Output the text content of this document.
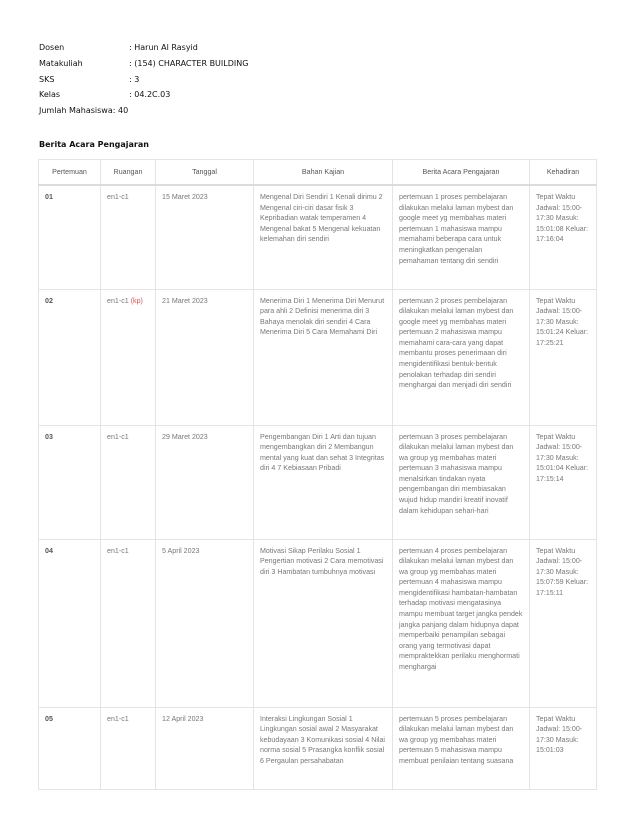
Dosen	: Harun Al Rasyid
Matakuliah	: (154) CHARACTER BUILDING
SKS	: 3
Kelas	: 04.2C.03
Jumlah Mahasiswa : 40
Berita Acara Pengajaran
Pertemuan	Ruangan	Tanggal	Bahan Kajian	Berita Acara Pengajaran	Kehadiran
01	en1-c1	15 Maret 2023	Mengenal Diri Sendiri 1 Kenali dirimu 2 Mengenal ciri-ciri dasar fisik 3 Kepribadian watak temperamen 4 Mengenal bakat 5 Mengenal kekuatan kelemahan diri sendiri	pertemuan 1 proses pembelajaran dilakukan melalui laman mybest dan google meet yg membahas materi pertemuan 1 mahasiswa mampu memahami beberapa cara untuk meningkatkan pengenalan pemahaman tentang diri sendiri	Tepat Waktu Jadwal: 15:00-17:30 Masuk: 15:01:08 Keluar: 17:16:04
02	en1-c1 (kp)	21 Maret 2023	Menerima Diri 1 Menerima Diri Menurut para ahli 2 Definisi menerima diri 3 Bahaya menolak diri sendiri 4 Cara Menerima Diri 5 Cara Memahami Diri	pertemuan 2 proses pembelajaran dilakukan melalui laman mybest dan google meet yg membahas materi pertemuan 2 mahasiswa mampu memahami cara-cara yang dapat membantu proses penerimaan diri mengidentifikasi bentuk-bentuk penolakan terhadap diri sendiri menghargai dan menjadi diri sendiri	Tepat Waktu Jadwal: 15:00-17:30 Masuk: 15:01:24 Keluar: 17:25:21
03	en1-c1	29 Maret 2023	Pengembangan Diri 1 Arti dan tujuan mengembangkan diri 2 Membangun mental yang kuat dan sehat 3 Integritas diri 4 7 Kebiasaan Pribadi	pertemuan 3 proses pembelajaran dilakukan melalui laman mybest dan wa group yg membahas materi pertemuan 3 mahasiswa mampu menalsirkan tindakan nyata pengembangan diri membiasakan wujud hidup mandiri kreatif inovatif dalam kehidupan sehari-hari	Tepat Waktu Jadwal: 15:00-17:30 Masuk: 15:01:04 Keluar: 17:15:14
04	en1-c1	5 April 2023	Motivasi Sikap Perilaku Sosial 1 Pengertian motivasi 2 Cara memotivasi diri 3 Hambatan tumbuhnya motivasi	pertemuan 4 proses pembelajaran dilakukan melalui laman mybest dan wa group yg membahas materi pertemuan 4 mahasiswa mampu mengidentifikasi hambatan-hambatan terhadap motivasi mengatasinya mampu membuat target jangka pendek jangka panjang dalam hidupnya dapat memperbaiki penampilan sebagai orang yang termotivasi dapat mempraktekkan perilaku menghormati menghargai	Tepat Waktu Jadwal: 15:00-17:30 Masuk: 15:07:59 Keluar: 17:15:11
05	en1-c1	12 April 2023	Interaksi Lingkungan Sosial 1 Lingkungan sosial awal 2 Masyarakat kebudayaan 3 Komunikasi sosial 4 Nilai norma sosial 5 Prasangka konflik sosial 6 Pergaulan persahabatan	pertemuan 5 proses pembelajaran dilakukan melalui laman mybest dan wa group yg membahas materi pertemuan 5 mahasiswa mampu membuat penilaian tentang suasana	Tepat Waktu Jadwal: 15:00-17:30 Masuk: 15:01:03
